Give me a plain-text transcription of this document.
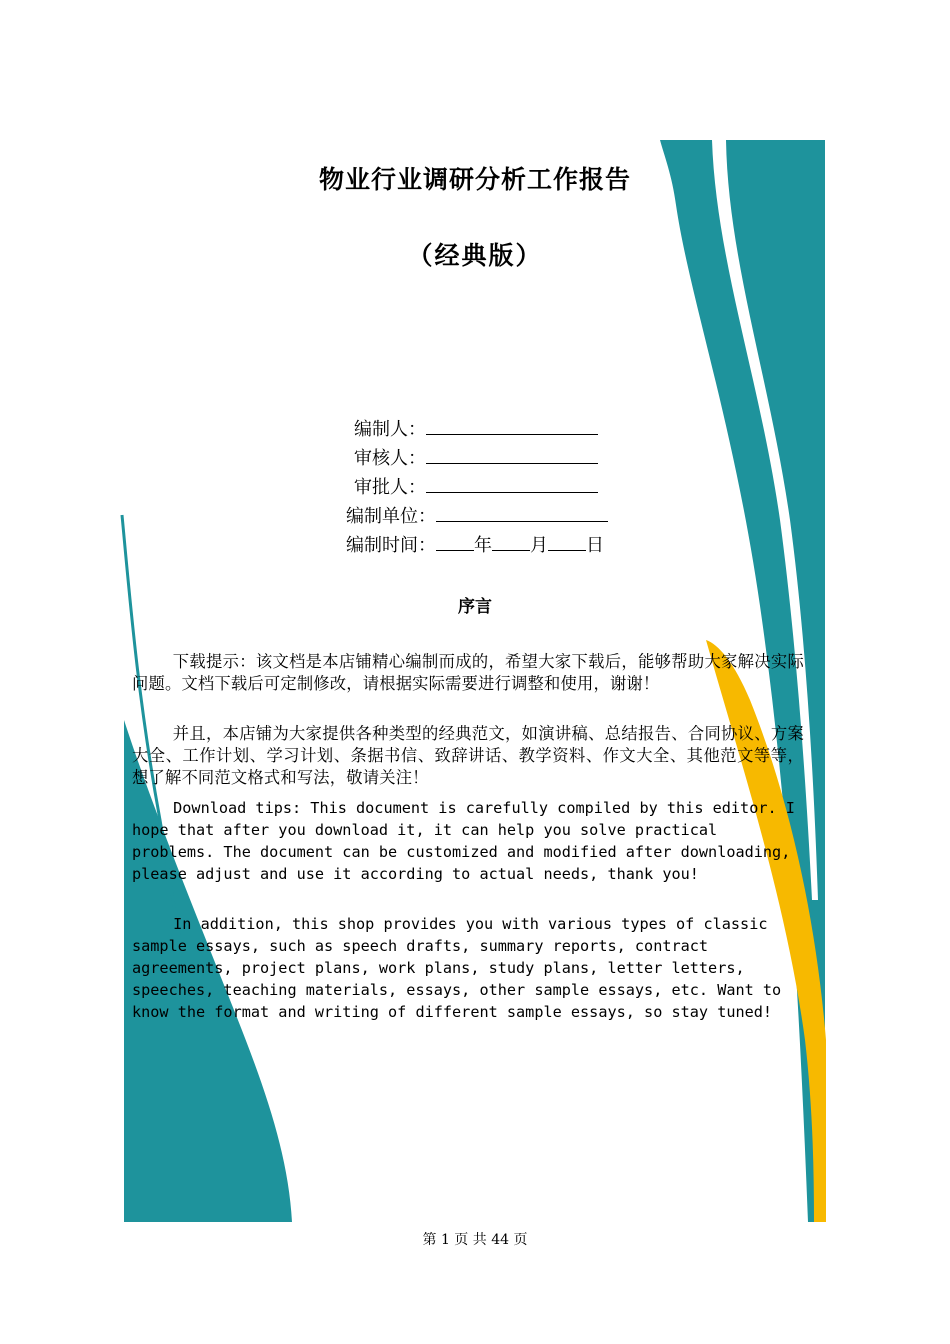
物业行业调研分析工作报告
（经典版）
编制人：
审核人：
审批人：
编制单位：
编制时间： 年 月 日
序言
下载提示：该文档是本店铺精心编制而成的，希望大家下载后，能够帮助大家解决实际问题。文档下载后可定制修改，请根据实际需要进行调整和使用，谢谢！
并且，本店铺为大家提供各种类型的经典范文，如演讲稿、总结报告、合同协议、方案大全、工作计划、学习计划、条据书信、致辞讲话、教学资料、作文大全、其他范文等等，想了解不同范文格式和写法，敬请关注！
Download tips: This document is carefully compiled by this editor. I hope that after you download it, it can help you solve practical problems. The document can be customized and modified after downloading, please adjust and use it according to actual needs, thank you!
In addition, this shop provides you with various types of classic sample essays, such as speech drafts, summary reports, contract agreements, project plans, work plans, study plans, letter letters, speeches, teaching materials, essays, other sample essays, etc. Want to know the format and writing of different sample essays, so stay tuned!
第 1 页 共 44 页
